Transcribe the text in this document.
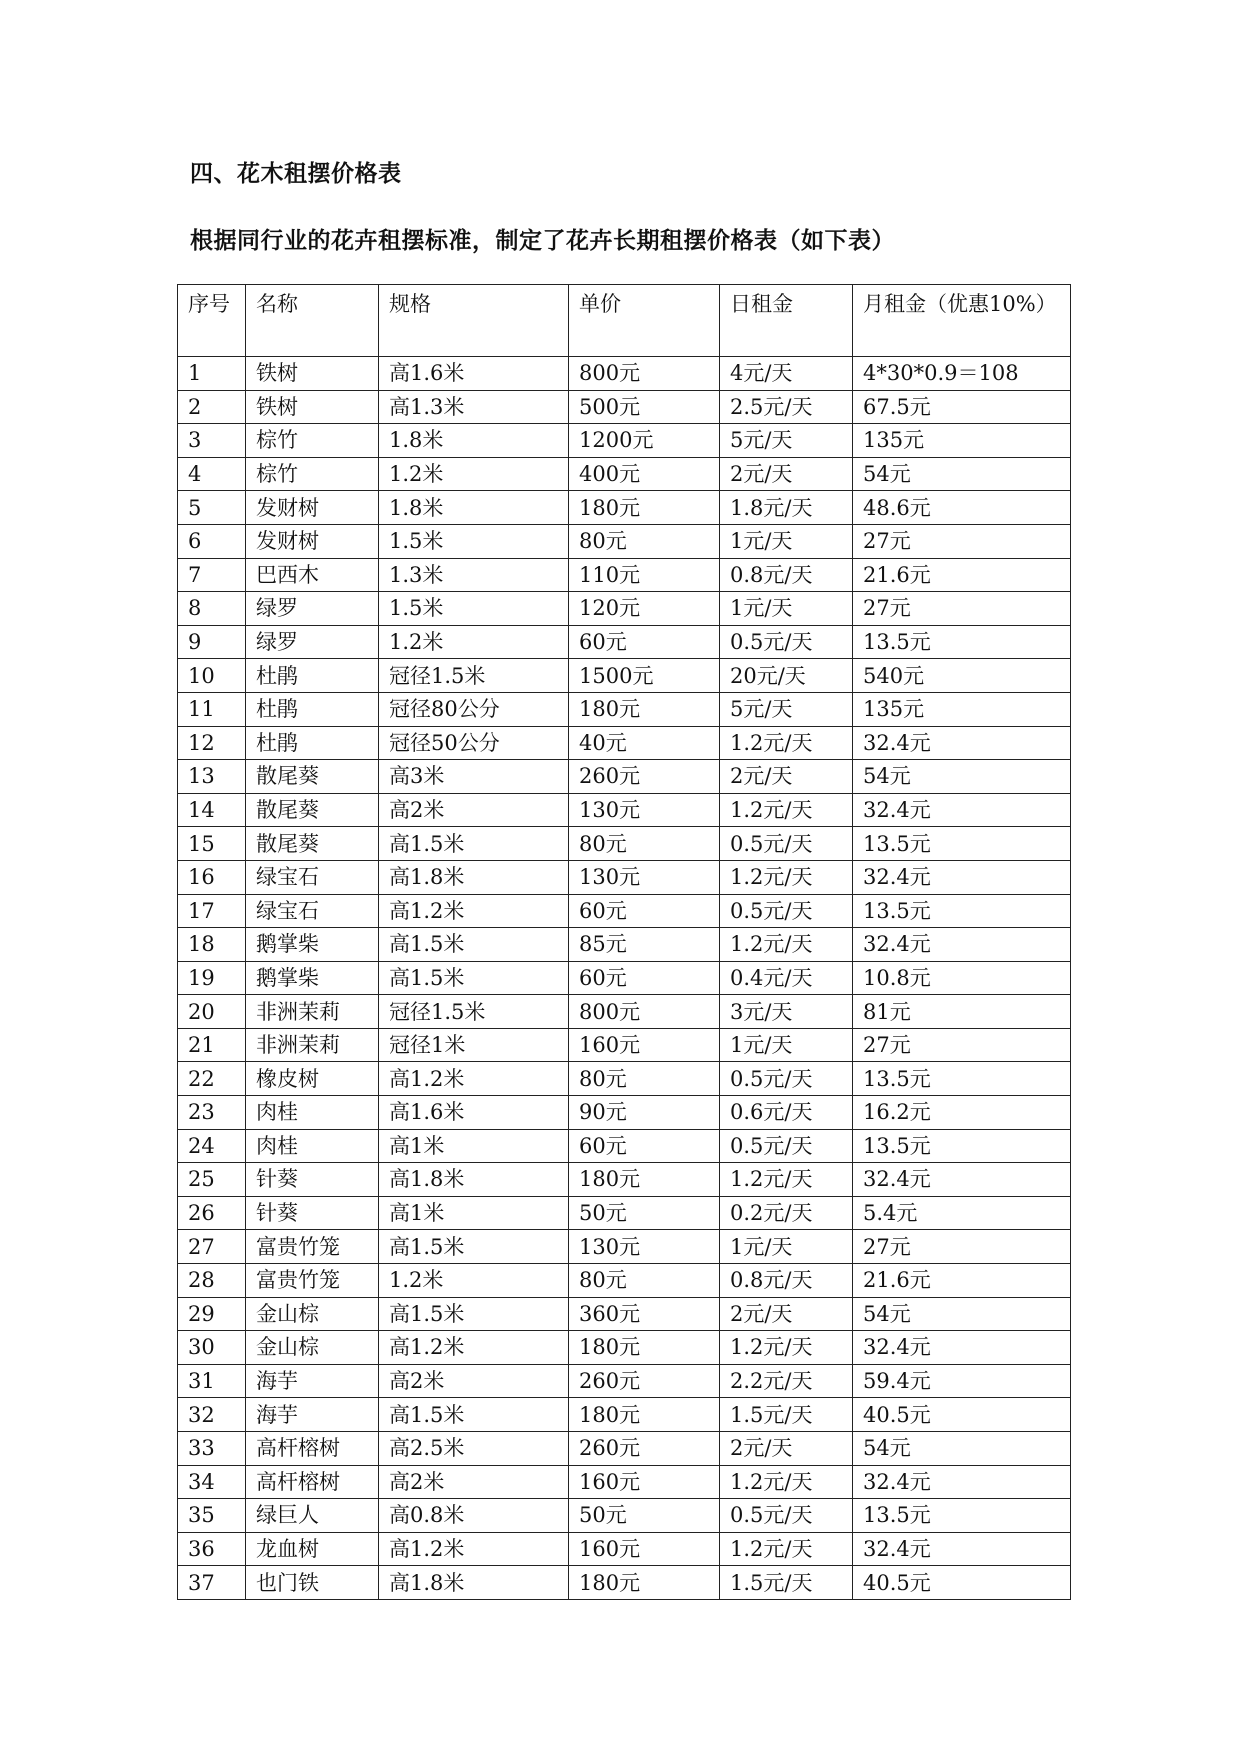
四、花木租摆价格表

根据同行业的花卉租摆标准，制定了花卉长期租摆价格表（如下表）

序号	名称	规格	单价	日租金	月租金（优惠10%）
1	铁树	高1.6米	800元	4元/天	4*30*0.9＝108
2	铁树	高1.3米	500元	2.5元/天	67.5元
3	棕竹	1.8米	1200元	5元/天	135元
4	棕竹	1.2米	400元	2元/天	54元
5	发财树	1.8米	180元	1.8元/天	48.6元
6	发财树	1.5米	80元	1元/天	27元
7	巴西木	1.3米	110元	0.8元/天	21.6元
8	绿罗	1.5米	120元	1元/天	27元
9	绿罗	1.2米	60元	0.5元/天	13.5元
10	杜鹃	冠径1.5米	1500元	20元/天	540元
11	杜鹃	冠径80公分	180元	5元/天	135元
12	杜鹃	冠径50公分	40元	1.2元/天	32.4元
13	散尾葵	高3米	260元	2元/天	54元
14	散尾葵	高2米	130元	1.2元/天	32.4元
15	散尾葵	高1.5米	80元	0.5元/天	13.5元
16	绿宝石	高1.8米	130元	1.2元/天	32.4元
17	绿宝石	高1.2米	60元	0.5元/天	13.5元
18	鹅掌柴	高1.5米	85元	1.2元/天	32.4元
19	鹅掌柴	高1.5米	60元	0.4元/天	10.8元
20	非洲茉莉	冠径1.5米	800元	3元/天	81元
21	非洲茉莉	冠径1米	160元	1元/天	27元
22	橡皮树	高1.2米	80元	0.5元/天	13.5元
23	肉桂	高1.6米	90元	0.6元/天	16.2元
24	肉桂	高1米	60元	0.5元/天	13.5元
25	针葵	高1.8米	180元	1.2元/天	32.4元
26	针葵	高1米	50元	0.2元/天	5.4元
27	富贵竹笼	高1.5米	130元	1元/天	27元
28	富贵竹笼	1.2米	80元	0.8元/天	21.6元
29	金山棕	高1.5米	360元	2元/天	54元
30	金山棕	高1.2米	180元	1.2元/天	32.4元
31	海芋	高2米	260元	2.2元/天	59.4元
32	海芋	高1.5米	180元	1.5元/天	40.5元
33	高杆榕树	高2.5米	260元	2元/天	54元
34	高杆榕树	高2米	160元	1.2元/天	32.4元
35	绿巨人	高0.8米	50元	0.5元/天	13.5元
36	龙血树	高1.2米	160元	1.2元/天	32.4元
37	也门铁	高1.8米	180元	1.5元/天	40.5元
